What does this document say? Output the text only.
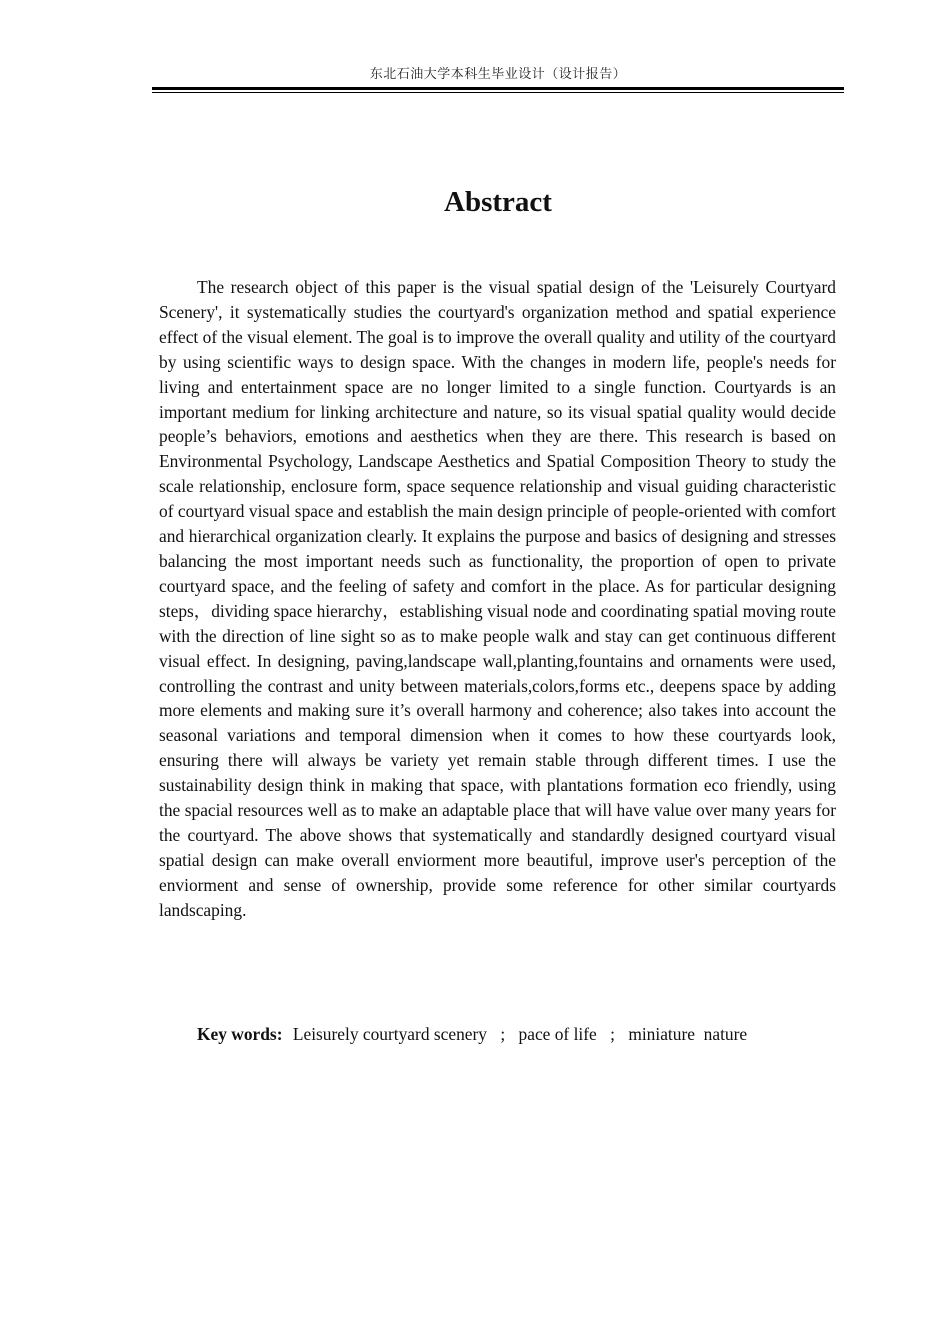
东北石油大学本科生毕业设计（设计报告）
Abstract

The research object of this paper is the visual spatial design of the 'Leisurely Courtyard Scenery', it systematically studies the courtyard's organization method and spatial experience effect of the visual element. The goal is to improve the overall quality and utility of the courtyard by using scientific ways to design space. With the changes in modern life, people's needs for living and entertainment space are no longer limited to a single function. Courtyards is an important medium for linking architecture and nature, so its visual spatial quality would decide people’s behaviors, emotions and aesthetics when they are there. This research is based on Environmental Psychology, Landscape Aesthetics and Spatial Composition Theory to study the scale relationship, enclosure form, space sequence relationship and visual guiding characteristic of courtyard visual space and establish the main design principle of people-oriented with comfort and hierarchical organization clearly. It explains the purpose and basics of designing and stresses balancing the most important needs such as functionality, the proportion of open to private courtyard space, and the feeling of safety and comfort in the place. As for particular designing steps，dividing space hierarchy，establishing visual node and coordinating spatial moving route with the direction of line sight so as to make people walk and stay can get continuous different visual effect. In designing, paving,landscape wall,planting,fountains and ornaments were used, controlling the contrast and unity between materials,colors,forms etc., deepens space by adding more elements and making sure it’s overall harmony and coherence; also takes into account the seasonal variations and temporal dimension when it comes to how these courtyards look, ensuring there will always be variety yet remain stable through different times. I use the sustainability design think in making that space, with plantations formation eco friendly, using the spacial resources well as to make an adaptable place that will have value over many years for the courtyard. The above shows that systematically and standardly designed courtyard visual spatial design can make overall enviorment more beautiful, improve user's perception of the enviorment and sense of ownership, provide some reference for other similar courtyards landscaping.

Key words: Leisurely courtyard scenery ; pace of life ; miniature  nature
